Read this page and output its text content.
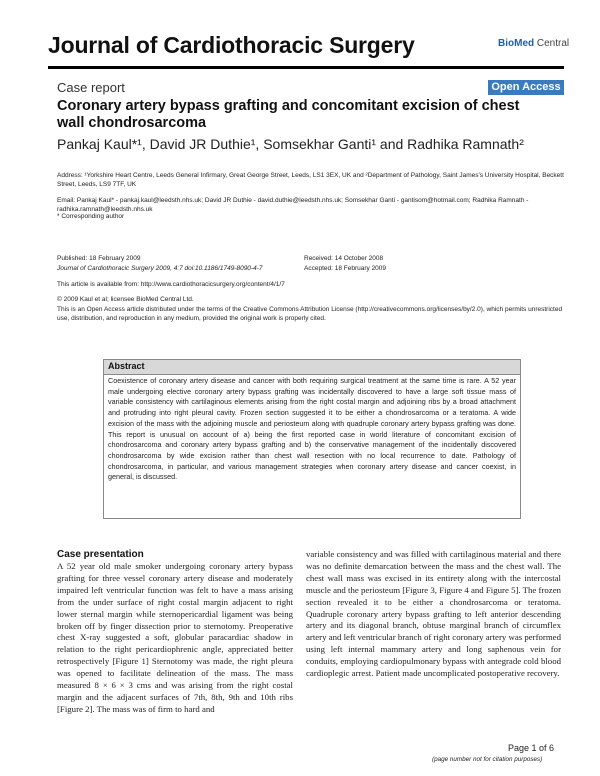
Journal of Cardiothoracic Surgery	BioMed Central
Case report	Open Access
Coronary artery bypass grafting and concomitant excision of chest wall chondrosarcoma
Pankaj Kaul*¹, David JR Duthie¹, Somsekhar Ganti¹ and Radhika Ramnath²
Address: ¹Yorkshire Heart Centre, Leeds General Infirmary, Great George Street, Leeds, LS1 3EX, UK and ²Department of Pathology, Saint James's University Hospital, Beckett Street, Leeds, LS9 7TF, UK
Email: Pankaj Kaul* - pankaj.kaul@leedsth.nhs.uk; David JR Duthie - david.duthie@leedsth.nhs.uk; Somsekhar Ganti - gantisom@hotmail.com; Radhika Ramnath - radhika.ramnath@leedsth.nhs.uk
* Corresponding author
Published: 18 February 2009
Journal of Cardiothoracic Surgery 2009, 4:7 doi:10.1186/1749-8090-4-7
Received: 14 October 2008
Accepted: 18 February 2009
This article is available from: http://www.cardiothoracicsurgery.org/content/4/1/7
© 2009 Kaul et al; licensee BioMed Central Ltd.
This is an Open Access article distributed under the terms of the Creative Commons Attribution License (http://creativecommons.org/licenses/by/2.0), which permits unrestricted use, distribution, and reproduction in any medium, provided the original work is properly cited.
Abstract
Coexistence of coronary artery disease and cancer with both requiring surgical treatment at the same time is rare. A 52 year male undergoing elective coronary artery bypass grafting was incidentally discovered to have a large soft tissue mass of variable consistency with cartilaginous elements arising from the right costal margin and adjoining ribs by a broad attachment and protruding into right pleural cavity. Frozen section suggested it to be either a chondrosarcoma or a teratoma. A wide excision of the mass with the adjoining muscle and periosteum along with quadruple coronary artery bypass grafting was done. This report is unusual on account of a) being the first reported case in world literature of concomitant excision of chondrosarcoma and coronary artery bypass grafting and b) the conservative management of the incidentally discovered chondrosarcoma by wide excision rather than chest wall resection with no local recurrence to date. Pathology of chondrosarcoma, in particular, and various management strategies when coronary artery disease and cancer coexist, in general, is discussed.
Case presentation
A 52 year old male smoker undergoing coronary artery bypass grafting for three vessel coronary artery disease and moderately impaired left ventricular function was felt to have a mass arising from the under surface of right costal margin adjacent to right lower sternal margin while sternopericardial ligament was being broken off by finger dissection prior to sternotomy. Preoperative chest X-ray suggested a soft, globular paracardiac shadow in relation to the right pericardiophrenic angle, appreciated better retrospectively [Figure 1] Sternotomy was made, the right pleura was opened to facilitate delineation of the mass. The mass measured 8 × 6 × 3 cms and was arising from the right costal margin and the adjacent surfaces of 7th, 8th, 9th and 10th ribs [Figure 2]. The mass was of firm to hard and
variable consistency and was filled with cartilaginous material and there was no definite demarcation between the mass and the chest wall. The chest wall mass was excised in its entirety along with the intercostal muscle and the periosteum [Figure 3, Figure 4 and Figure 5]. The frozen section revealed it to be either a chondrosarcoma or teratoma. Quadruple coronary artery bypass grafting to left anterior descending artery and its diagonal branch, obtuse marginal branch of circumflex artery and left ventricular branch of right coronary artery was performed using left internal mammary artery and long saphenous vein for conduits, employing cardiopulmonary bypass with antegrade cold blood cardioplegic arrest. Patient made uncomplicated postoperative recovery.
Page 1 of 6
(page number not for citation purposes)
